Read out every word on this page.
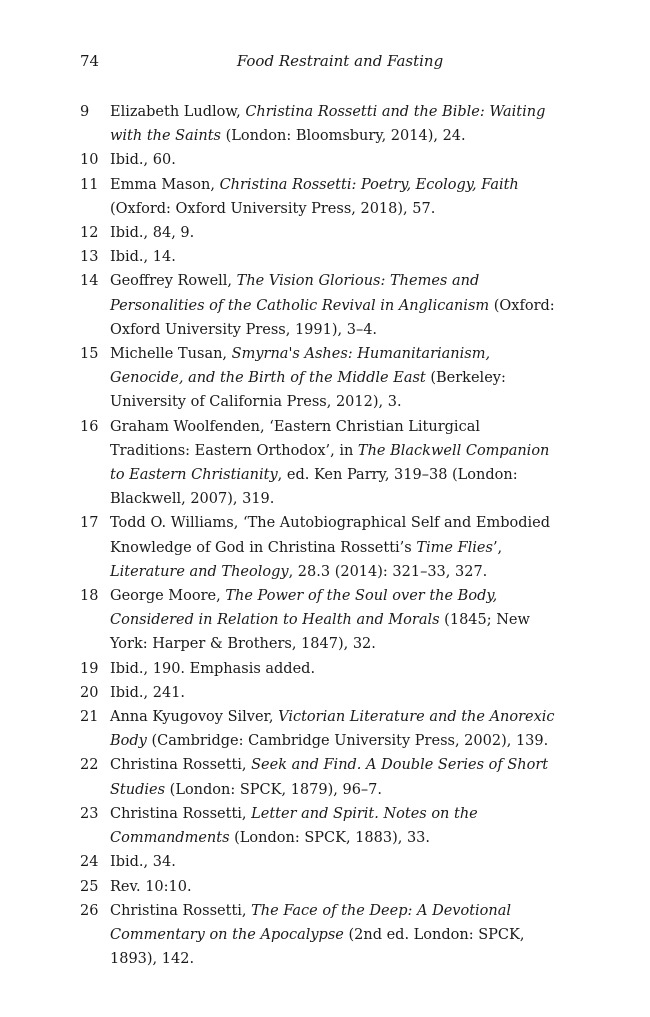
74	Food Restraint and Fasting
9	Elizabeth Ludlow, Christina Rossetti and the Bible: Waiting with the Saints (London: Bloomsbury, 2014), 24.
10 Ibid., 60.
11 Emma Mason, Christina Rossetti: Poetry, Ecology, Faith (Oxford: Oxford University Press, 2018), 57.
12 Ibid., 84, 9.
13 Ibid., 14.
14 Geoffrey Rowell, The Vision Glorious: Themes and Personalities of the Catholic Revival in Anglicanism (Oxford: Oxford University Press, 1991), 3–4.
15 Michelle Tusan, Smyrna's Ashes: Humanitarianism, Genocide, and the Birth of the Middle East (Berkeley: University of California Press, 2012), 3.
16 Graham Woolfenden, ‘Eastern Christian Liturgical Traditions: Eastern Orthodox’, in The Blackwell Companion to Eastern Christianity, ed. Ken Parry, 319–38 (London: Blackwell, 2007), 319.
17 Todd O. Williams, ‘The Autobiographical Self and Embodied Knowledge of God in Christina Rossetti’s Time Flies’, Literature and Theology, 28.3 (2014): 321–33, 327.
18 George Moore, The Power of the Soul over the Body, Considered in Relation to Health and Morals (1845; New York: Harper & Brothers, 1847), 32.
19 Ibid., 190. Emphasis added.
20 Ibid., 241.
21 Anna Kyugovoy Silver, Victorian Literature and the Anorexic Body (Cambridge: Cambridge University Press, 2002), 139.
22 Christina Rossetti, Seek and Find. A Double Series of Short Studies (London: SPCK, 1879), 96–7.
23 Christina Rossetti, Letter and Spirit. Notes on the Commandments (London: SPCK, 1883), 33.
24 Ibid., 34.
25 Rev. 10:10.
26 Christina Rossetti, The Face of the Deep: A Devotional Commentary on the Apocalypse (2nd ed. London: SPCK, 1893), 142.
